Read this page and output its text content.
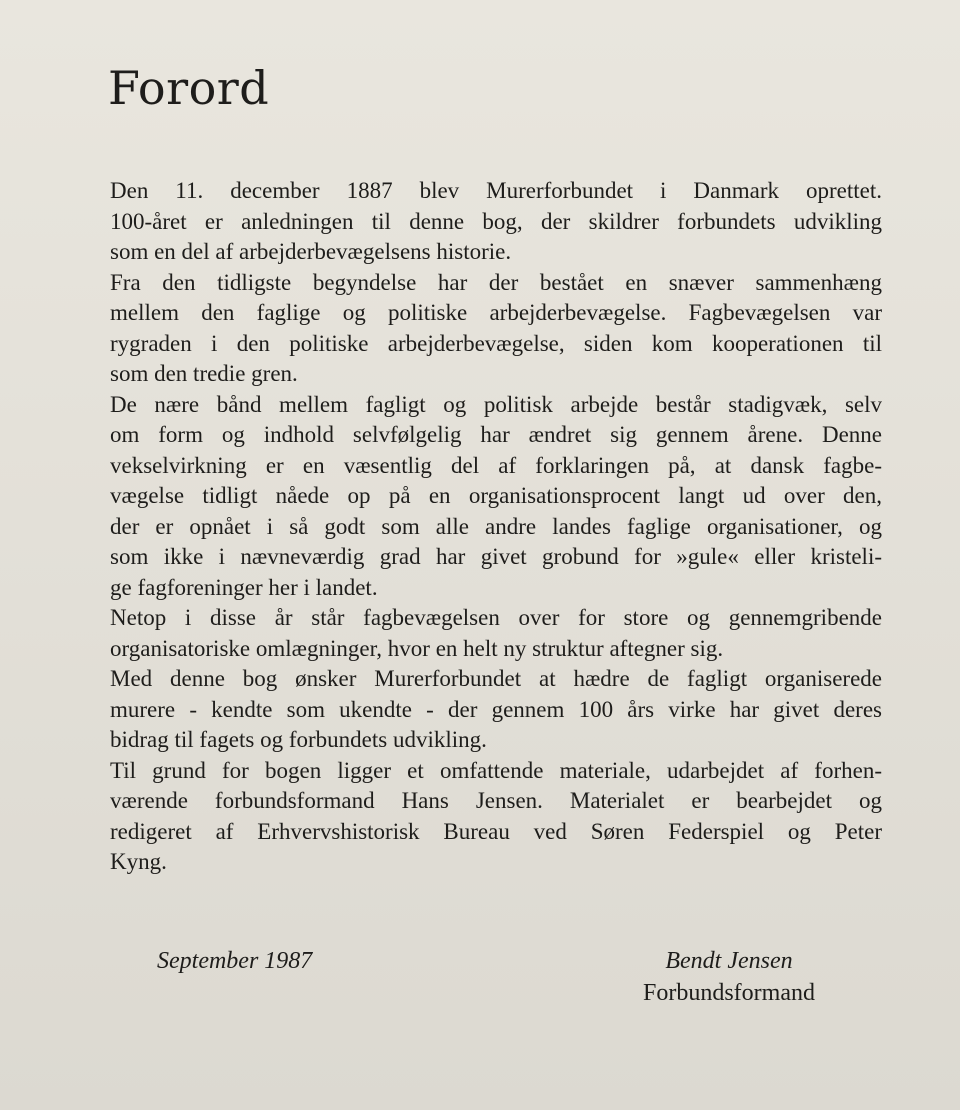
Forord
Den 11. december 1887 blev Murerforbundet i Danmark oprettet.
100-året er anledningen til denne bog, der skildrer forbundets udvikling
som en del af arbejderbevægelsens historie.
Fra den tidligste begyndelse har der bestået en snæver sammenhæng
mellem den faglige og politiske arbejderbevægelse. Fagbevægelsen var
rygraden i den politiske arbejderbevægelse, siden kom kooperationen til
som den tredie gren.
De nære bånd mellem fagligt og politisk arbejde består stadigvæk, selv
om form og indhold selvfølgelig har ændret sig gennem årene. Denne
vekselvirkning er en væsentlig del af forklaringen på, at dansk fagbe-
vægelse tidligt nåede op på en organisationsprocent langt ud over den,
der er opnået i så godt som alle andre landes faglige organisationer, og
som ikke i nævneværdig grad har givet grobund for »gule« eller kristeli-
ge fagforeninger her i landet.
Netop i disse år står fagbevægelsen over for store og gennemgribende
organisatoriske omlægninger, hvor en helt ny struktur aftegner sig.
Med denne bog ønsker Murerforbundet at hædre de fagligt organiserede
murere - kendte som ukendte - der gennem 100 års virke har givet deres
bidrag til fagets og forbundets udvikling.
Til grund for bogen ligger et omfattende materiale, udarbejdet af forhen-
værende forbundsformand Hans Jensen. Materialet er bearbejdet og
redigeret af Erhvervshistorisk Bureau ved Søren Federspiel og Peter
Kyng.
September 1987	Bendt Jensen
Forbundsformand
